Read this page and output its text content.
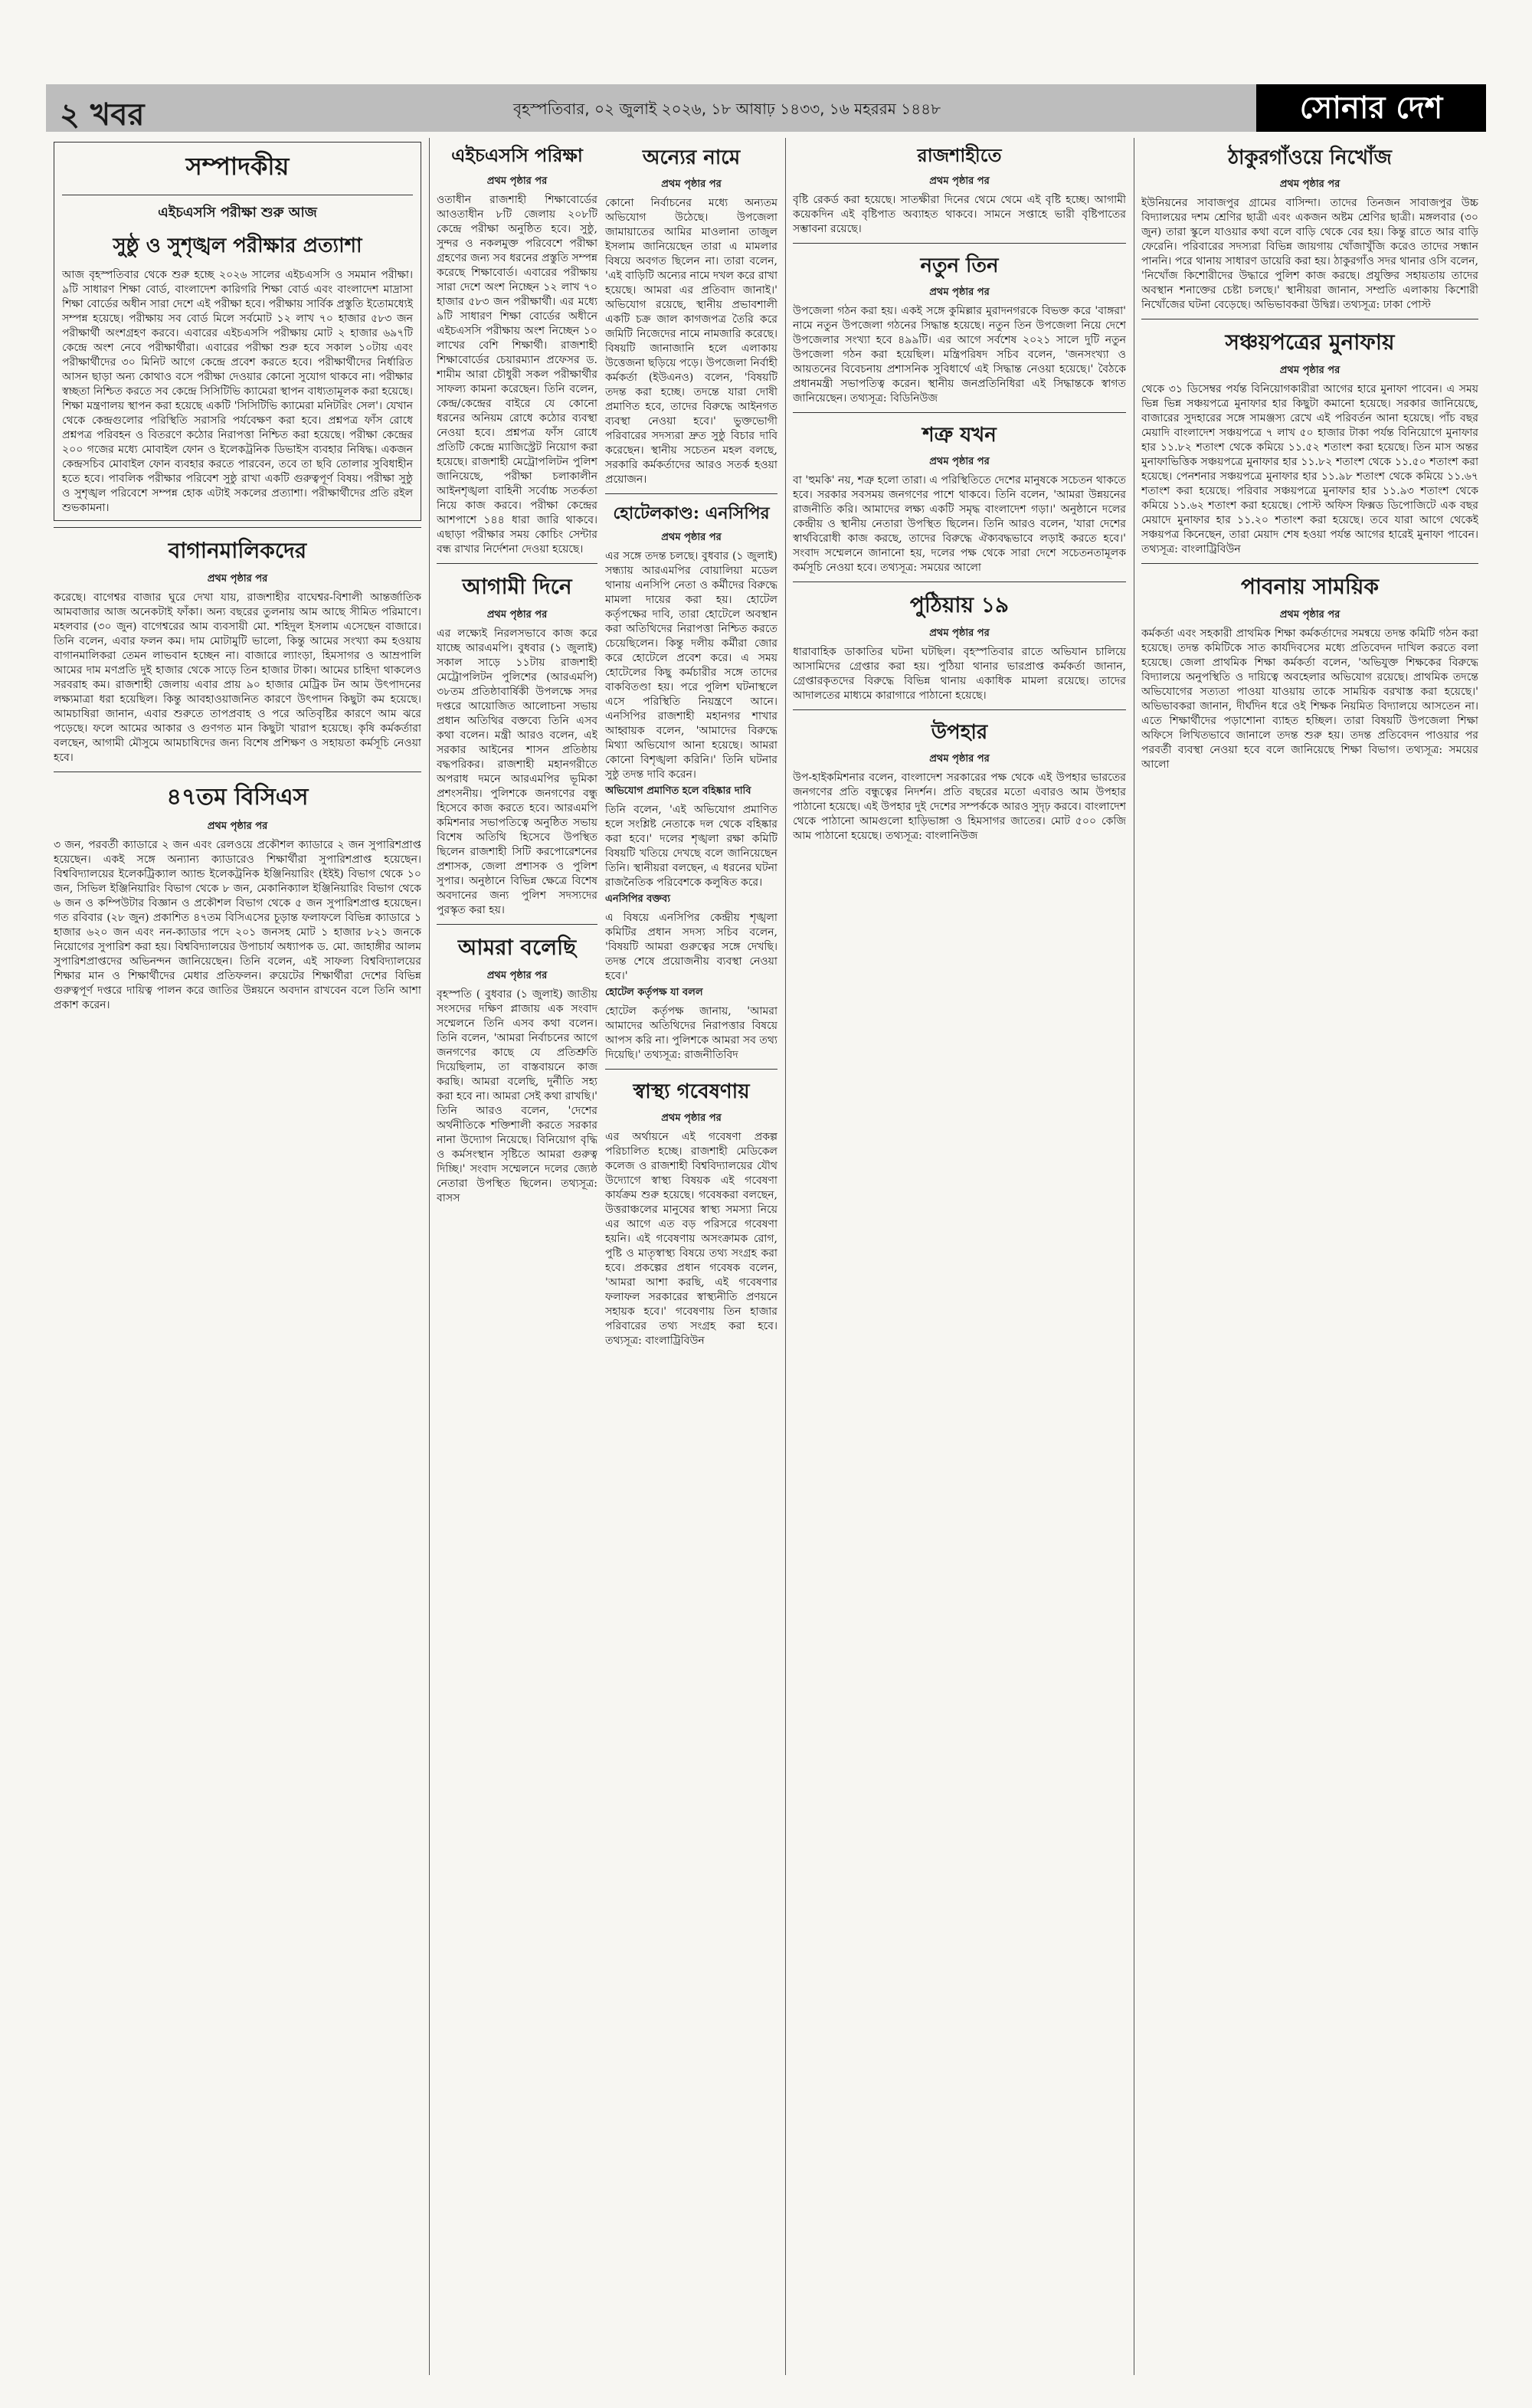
২ খবর	বৃহস্পতিবার, ০২ জুলাই ২০২৬, ১৮ আষাঢ় ১৪৩৩, ১৬ মহররম ১৪৪৮	সোনার দেশ
সম্পাদকীয়
এইচএসসি পরীক্ষা শুরু আজ
সুষ্ঠু ও সুশৃঙ্খল পরীক্ষার প্রত্যাশা
আজ বৃহস্পতিবার থেকে শুরু হচ্ছে ২০২৬ সালের এইচএসসি ও সমমান পরীক্ষা। ৯টি সাধারণ শিক্ষা বোর্ড, বাংলাদেশ কারিগরি শিক্ষা বোর্ড এবং বাংলাদেশ মাদ্রাসা শিক্ষা বোর্ডের অধীন সারা দেশে এই পরীক্ষা হবে। পরীক্ষায় সার্বিক প্রস্তুতি ইতোমধ্যেই সম্পন্ন হয়েছে। পরীক্ষায় সব বোর্ড মিলে সর্বমোট ১২ লাখ ৭০ হাজার ৫৮৩ জন পরীক্ষার্থী অংশগ্রহণ করবে। এবারের এইচএসসি পরীক্ষায় মোট ২ হাজার ৬৯৭টি কেন্দ্রে অংশ নেবে পরীক্ষার্থীরা। এবারের পরীক্ষা শুরু হবে সকাল ১০টায় এবং পরীক্ষার্থীদের ৩০ মিনিট আগে কেন্দ্রে প্রবেশ করতে হবে। পরীক্ষার্থীদের নির্ধারিত আসন ছাড়া অন্য কোথাও বসে পরীক্ষা দেওয়ার কোনো সুযোগ থাকবে না। পরীক্ষার স্বচ্ছতা নিশ্চিত করতে সব কেন্দ্রে সিসিটিভি ক্যামেরা স্থাপন বাধ্যতামূলক করা হয়েছে। শিক্ষা মন্ত্রণালয় স্থাপন করা হয়েছে একটি 'সিসিটিভি ক্যামেরা মনিটরিং সেল'। যেখান থেকে কেন্দ্রগুলোর পরিস্থিতি সরাসরি পর্যবেক্ষণ করা হবে। প্রশ্নপত্র ফাঁস রোধে প্রশ্নপত্র পরিবহন ও বিতরণে কঠোর নিরাপত্তা নিশ্চিত করা হয়েছে। পরীক্ষা কেন্দ্রের ২০০ গজের মধ্যে মোবাইল ফোন ও ইলেকট্রনিক ডিভাইস ব্যবহার নিষিদ্ধ। একজন কেন্দ্রসচিব মোবাইল ফোন ব্যবহার করতে পারবেন, তবে তা ছবি তোলার সুবিধাহীন হতে হবে। পাবলিক পরীক্ষার পরিবেশ সুষ্ঠু রাখা একটি গুরুত্বপূর্ণ বিষয়। পরীক্ষা সুষ্ঠু ও সুশৃঙ্খল পরিবেশে সম্পন্ন হোক এটাই সকলের প্রত্যাশা। পরীক্ষার্থীদের প্রতি রইল শুভকামনা।
বাগানমালিকদের
প্রথম পৃষ্ঠার পর
করেছে। বাগেশ্বর বাজার ঘুরে দেখা যায়, রাজশাহীর বাঘেশ্বর-বিশালী আন্তর্জাতিক আমবাজার আজ অনেকটাই ফাঁকা। অন্য বছরের তুলনায় আম আছে সীমিত পরিমাণে। মহলবার (৩০ জুন) বাগেশ্বরের আম ব্যবসায়ী মো. শহিদুল ইসলাম এসেছেন বাজারে। তিনি বলেন, এবার ফলন কম। দাম মোটামুটি ভালো, কিন্তু আমের সংখ্যা কম হওয়ায় বাগানমালিকরা তেমন লাভবান হচ্ছেন না। বাজারে ল্যাংড়া, হিমসাগর ও আম্রপালি আমের দাম মণপ্রতি দুই হাজার থেকে সাড়ে তিন হাজার টাকা। আমের চাহিদা থাকলেও সরবরাহ কম। রাজশাহী জেলায় এবার প্রায় ৯০ হাজার মেট্রিক টন আম উৎপাদনের লক্ষ্যমাত্রা ধরা হয়েছিল। কিন্তু আবহাওয়াজনিত কারণে উৎপাদন কিছুটা কম হয়েছে। আমচাষিরা জানান, এবার শুরুতে তাপপ্রবাহ ও পরে অতিবৃষ্টির কারণে আম ঝরে পড়েছে। ফলে আমের আকার ও গুণগত মান কিছুটা খারাপ হয়েছে। কৃষি কর্মকর্তারা বলছেন, আগামী মৌসুমে আমচাষিদের জন্য বিশেষ প্রশিক্ষণ ও সহায়তা কর্মসূচি নেওয়া হবে।
৪৭তম বিসিএস
প্রথম পৃষ্ঠার পর
৩ জন, পরবর্তী ক্যাডারে ২ জন এবং রেলওয়ে প্রকৌশল ক্যাডারে ২ জন সুপারিশপ্রাপ্ত হয়েছেন। একই সঙ্গে অন্যান্য ক্যাডারেও শিক্ষার্থীরা সুপারিশপ্রাপ্ত হয়েছেন। বিশ্ববিদ্যালয়ের ইলেকট্রিক্যাল অ্যান্ড ইলেকট্রনিক ইঞ্জিনিয়ারিং (ইইই) বিভাগ থেকে ১০ জন, সিভিল ইঞ্জিনিয়ারিং বিভাগ থেকে ৮ জন, মেকানিক্যাল ইঞ্জিনিয়ারিং বিভাগ থেকে ৬ জন ও কম্পিউটার বিজ্ঞান ও প্রকৌশল বিভাগ থেকে ৫ জন সুপারিশপ্রাপ্ত হয়েছেন। গত রবিবার (২৮ জুন) প্রকাশিত ৪৭তম বিসিএসের চূড়ান্ত ফলাফলে বিভিন্ন ক্যাডারে ১ হাজার ৬২০ জন এবং নন-ক্যাডার পদে ২০১ জনসহ মোট ১ হাজার ৮২১ জনকে নিয়োগের সুপারিশ করা হয়। বিশ্ববিদ্যালয়ের উপাচার্য অধ্যাপক ড. মো. জাহাঙ্গীর আলম সুপারিশপ্রাপ্তদের অভিনন্দন জানিয়েছেন। তিনি বলেন, এই সাফল্য বিশ্ববিদ্যালয়ের শিক্ষার মান ও শিক্ষার্থীদের মেধার প্রতিফলন। রুয়েটের শিক্ষার্থীরা দেশের বিভিন্ন গুরুত্বপূর্ণ দপ্তরে দায়িত্ব পালন করে জাতির উন্নয়নে অবদান রাখবেন বলে তিনি আশা প্রকাশ করেন।
এইচএসসি পরিক্ষা
প্রথম পৃষ্ঠার পর
ওতাধীন রাজশাহী শিক্ষাবোর্ডের আওতাধীন ৮টি জেলায় ২০৮টি কেন্দ্রে পরীক্ষা অনুষ্ঠিত হবে। সুষ্ঠু, সুন্দর ও নকলমুক্ত পরিবেশে পরীক্ষা গ্রহণের জন্য সব ধরনের প্রস্তুতি সম্পন্ন করেছে শিক্ষাবোর্ড। এবারের পরীক্ষায় সারা দেশে অংশ নিচ্ছেন ১২ লাখ ৭০ হাজার ৫৮৩ জন পরীক্ষার্থী। এর মধ্যে ৯টি সাধারণ শিক্ষা বোর্ডের অধীনে এইচএসসি পরীক্ষায় অংশ নিচ্ছেন ১০ লাখের বেশি শিক্ষার্থী। রাজশাহী শিক্ষাবোর্ডের চেয়ারম্যান প্রফেসর ড. শামীম আরা চৌধুরী সকল পরীক্ষার্থীর সাফল্য কামনা করেছেন। তিনি বলেন, কেন্দ্র/কেন্দ্রের বাইরে যে কোনো ধরনের অনিয়ম রোধে কঠোর ব্যবস্থা নেওয়া হবে। প্রশ্নপত্র ফাঁস রোধে প্রতিটি কেন্দ্রে ম্যাজিস্ট্রেট নিয়োগ করা হয়েছে। রাজশাহী মেট্রোপলিটন পুলিশ জানিয়েছে, পরীক্ষা চলাকালীন আইনশৃঙ্খলা বাহিনী সর্বোচ্চ সতর্কতা নিয়ে কাজ করবে। পরীক্ষা কেন্দ্রের আশপাশে ১৪৪ ধারা জারি থাকবে। এছাড়া পরীক্ষার সময় কোচিং সেন্টার বন্ধ রাখার নির্দেশনা দেওয়া হয়েছে।
আগামী দিনে
প্রথম পৃষ্ঠার পর
এর লক্ষ্যেই নিরলসভাবে কাজ করে যাচ্ছে আরএমপি। বুধবার (১ জুলাই) সকাল সাড়ে ১১টায় রাজশাহী মেট্রোপলিটন পুলিশের (আরএমপি) ৩৮তম প্রতিষ্ঠাবার্ষিকী উপলক্ষে সদর দপ্তরে আয়োজিত আলোচনা সভায় প্রধান অতিথির বক্তব্যে তিনি এসব কথা বলেন। মন্ত্রী আরও বলেন, এই সরকার আইনের শাসন প্রতিষ্ঠায় বদ্ধপরিকর। রাজশাহী মহানগরীতে অপরাধ দমনে আরএমপির ভূমিকা প্রশংসনীয়। পুলিশকে জনগণের বন্ধু হিসেবে কাজ করতে হবে। আরএমপি কমিশনার সভাপতিত্বে অনুষ্ঠিত সভায় বিশেষ অতিথি হিসেবে উপস্থিত ছিলেন রাজশাহী সিটি করপোরেশনের প্রশাসক, জেলা প্রশাসক ও পুলিশ সুপার। অনুষ্ঠানে বিভিন্ন ক্ষেত্রে বিশেষ অবদানের জন্য পুলিশ সদস্যদের পুরস্কৃত করা হয়।
আমরা বলেছি
প্রথম পৃষ্ঠার পর
বৃহস্পতি ( বুধবার (১ জুলাই) জাতীয় সংসদের দক্ষিণ প্লাজায় এক সংবাদ সম্মেলনে তিনি এসব কথা বলেন। তিনি বলেন, 'আমরা নির্বাচনের আগে জনগণের কাছে যে প্রতিশ্রুতি দিয়েছিলাম, তা বাস্তবায়নে কাজ করছি। আমরা বলেছি, দুর্নীতি সহ্য করা হবে না। আমরা সেই কথা রাখছি।' তিনি আরও বলেন, 'দেশের অর্থনীতিকে শক্তিশালী করতে সরকার নানা উদ্যোগ নিয়েছে। বিনিয়োগ বৃদ্ধি ও কর্মসংস্থান সৃষ্টিতে আমরা গুরুত্ব দিচ্ছি।' সংবাদ সম্মেলনে দলের জ্যেষ্ঠ নেতারা উপস্থিত ছিলেন। তথ্যসূত্র: বাসস
অন্যের নামে
প্রথম পৃষ্ঠার পর
কোনো নির্বাচনের মধ্যে অন্যতম অভিযোগ উঠেছে। উপজেলা জামায়াতের আমির মাওলানা তাজুল ইসলাম জানিয়েছেন তারা এ মামলার বিষয়ে অবগত ছিলেন না। তারা বলেন, 'এই বাড়িটি অন্যের নামে দখল করে রাখা হয়েছে। আমরা এর প্রতিবাদ জানাই।' অভিযোগ রয়েছে, স্থানীয় প্রভাবশালী একটি চক্র জাল কাগজপত্র তৈরি করে জমিটি নিজেদের নামে নামজারি করেছে। বিষয়টি জানাজানি হলে এলাকায় উত্তেজনা ছড়িয়ে পড়ে। উপজেলা নির্বাহী কর্মকর্তা (ইউএনও) বলেন, 'বিষয়টি তদন্ত করা হচ্ছে। তদন্তে যারা দোষী প্রমাণিত হবে, তাদের বিরুদ্ধে আইনগত ব্যবস্থা নেওয়া হবে।' ভুক্তভোগী পরিবারের সদস্যরা দ্রুত সুষ্ঠু বিচার দাবি করেছেন। স্থানীয় সচেতন মহল বলছে, সরকারি কর্মকর্তাদের আরও সতর্ক হওয়া প্রয়োজন।
হোটেলকাণ্ড: এনসিপির
প্রথম পৃষ্ঠার পর
এর সঙ্গে তদন্ত চলছে। বুধবার (১ জুলাই) সন্ধ্যায় আরএমপির বোয়ালিয়া মডেল থানায় এনসিপি নেতা ও কর্মীদের বিরুদ্ধে মামলা দায়ের করা হয়। হোটেল কর্তৃপক্ষের দাবি, তারা হোটেলে অবস্থান করা অতিথিদের নিরাপত্তা নিশ্চিত করতে চেয়েছিলেন। কিন্তু দলীয় কর্মীরা জোর করে হোটেলে প্রবেশ করে। এ সময় হোটেলের কিছু কর্মচারীর সঙ্গে তাদের বাকবিতণ্ডা হয়। পরে পুলিশ ঘটনাস্থলে এসে পরিস্থিতি নিয়ন্ত্রণে আনে। এনসিপির রাজশাহী মহানগর শাখার আহ্বায়ক বলেন, 'আমাদের বিরুদ্ধে মিথ্যা অভিযোগ আনা হয়েছে। আমরা কোনো বিশৃঙ্খলা করিনি।' তিনি ঘটনার সুষ্ঠু তদন্ত দাবি করেন।
অভিযোগ প্রমাণিত হলে বহিষ্কার দাবি
তিনি বলেন, 'এই অভিযোগ প্রমাণিত হলে সংশ্লিষ্ট নেতাকে দল থেকে বহিষ্কার করা হবে।' দলের শৃঙ্খলা রক্ষা কমিটি বিষয়টি খতিয়ে দেখছে বলে জানিয়েছেন তিনি। স্থানীয়রা বলছেন, এ ধরনের ঘটনা রাজনৈতিক পরিবেশকে কলুষিত করে।
এনসিপির বক্তব্য
এ বিষয়ে এনসিপির কেন্দ্রীয় শৃঙ্খলা কমিটির প্রধান সদস্য সচিব বলেন, 'বিষয়টি আমরা গুরুত্বের সঙ্গে দেখছি। তদন্ত শেষে প্রয়োজনীয় ব্যবস্থা নেওয়া হবে।'
হোটেল কর্তৃপক্ষ যা বলল
হোটেল কর্তৃপক্ষ জানায়, 'আমরা আমাদের অতিথিদের নিরাপত্তার বিষয়ে আপস করি না। পুলিশকে আমরা সব তথ্য দিয়েছি।' তথ্যসূত্র: রাজনীতিবিদ
স্বাস্থ্য গবেষণায়
প্রথম পৃষ্ঠার পর
এর অর্থায়নে এই গবেষণা প্রকল্প পরিচালিত হচ্ছে। রাজশাহী মেডিকেল কলেজ ও রাজশাহী বিশ্ববিদ্যালয়ের যৌথ উদ্যোগে স্বাস্থ্য বিষয়ক এই গবেষণা কার্যক্রম শুরু হয়েছে। গবেষকরা বলছেন, উত্তরাঞ্চলের মানুষের স্বাস্থ্য সমস্যা নিয়ে এর আগে এত বড় পরিসরে গবেষণা হয়নি। এই গবেষণায় অসংক্রামক রোগ, পুষ্টি ও মাতৃস্বাস্থ্য বিষয়ে তথ্য সংগ্রহ করা হবে। প্রকল্পের প্রধান গবেষক বলেন, 'আমরা আশা করছি, এই গবেষণার ফলাফল সরকারের স্বাস্থ্যনীতি প্রণয়নে সহায়ক হবে।' গবেষণায় তিন হাজার পরিবারের তথ্য সংগ্রহ করা হবে। তথ্যসূত্র: বাংলাট্রিবিউন
রাজশাহীতে
প্রথম পৃষ্ঠার পর
বৃষ্টি রেকর্ড করা হয়েছে। সাতক্ষীরা দিনের থেমে থেমে এই বৃষ্টি হচ্ছে। আগামী কয়েকদিন এই বৃষ্টিপাত অব্যাহত থাকবে। সামনে সপ্তাহে ভারী বৃষ্টিপাতের সম্ভাবনা রয়েছে।
নতুন তিন
প্রথম পৃষ্ঠার পর
উপজেলা গঠন করা হয়। একই সঙ্গে কুমিল্লার মুরাদনগরকে বিভক্ত করে 'বাঙ্গরা' নামে নতুন উপজেলা গঠনের সিদ্ধান্ত হয়েছে। নতুন তিন উপজেলা নিয়ে দেশে উপজেলার সংখ্যা হবে ৪৯৯টি। এর আগে সর্বশেষ ২০২১ সালে দুটি নতুন উপজেলা গঠন করা হয়েছিল। মন্ত্রিপরিষদ সচিব বলেন, 'জনসংখ্যা ও আয়তনের বিবেচনায় প্রশাসনিক সুবিধার্থে এই সিদ্ধান্ত নেওয়া হয়েছে।' বৈঠকে প্রধানমন্ত্রী সভাপতিত্ব করেন। স্থানীয় জনপ্রতিনিধিরা এই সিদ্ধান্তকে স্বাগত জানিয়েছেন। তথ্যসূত্র: বিডিনিউজ
শত্রু যখন
প্রথম পৃষ্ঠার পর
বা 'হুমকি' নয়, শত্রু হলো তারা। এ পরিস্থিতিতে দেশের মানুষকে সচেতন থাকতে হবে। সরকার সবসময় জনগণের পাশে থাকবে। তিনি বলেন, 'আমরা উন্নয়নের রাজনীতি করি। আমাদের লক্ষ্য একটি সমৃদ্ধ বাংলাদেশ গড়া।' অনুষ্ঠানে দলের কেন্দ্রীয় ও স্থানীয় নেতারা উপস্থিত ছিলেন। তিনি আরও বলেন, 'যারা দেশের স্বার্থবিরোধী কাজ করছে, তাদের বিরুদ্ধে ঐক্যবদ্ধভাবে লড়াই করতে হবে।' সংবাদ সম্মেলনে জানানো হয়, দলের পক্ষ থেকে সারা দেশে সচেতনতামূলক কর্মসূচি নেওয়া হবে। তথ্যসূত্র: সময়ের আলো
পুঠিয়ায় ১৯
প্রথম পৃষ্ঠার পর
ধারাবাহিক ডাকাতির ঘটনা ঘটছিল। বৃহস্পতিবার রাতে অভিযান চালিয়ে আসামিদের গ্রেপ্তার করা হয়। পুঠিয়া থানার ভারপ্রাপ্ত কর্মকর্তা জানান, গ্রেপ্তারকৃতদের বিরুদ্ধে বিভিন্ন থানায় একাধিক মামলা রয়েছে। তাদের আদালতের মাধ্যমে কারাগারে পাঠানো হয়েছে।
উপহার
প্রথম পৃষ্ঠার পর
উপ-হাইকমিশনার বলেন, বাংলাদেশ সরকারের পক্ষ থেকে এই উপহার ভারতের জনগণের প্রতি বন্ধুত্বের নিদর্শন। প্রতি বছরের মতো এবারও আম উপহার পাঠানো হয়েছে। এই উপহার দুই দেশের সম্পর্ককে আরও সুদৃঢ় করবে। বাংলাদেশ থেকে পাঠানো আমগুলো হাড়িভাঙ্গা ও হিমসাগর জাতের। মোট ৫০০ কেজি আম পাঠানো হয়েছে। তথ্যসূত্র: বাংলানিউজ
ঠাকুরগাঁওয়ে নিখোঁজ
প্রথম পৃষ্ঠার পর
ইউনিয়নের সাবাজপুর গ্রামের বাসিন্দা। তাদের তিনজন সাবাজপুর উচ্চ বিদ্যালয়ের দশম শ্রেণির ছাত্রী এবং একজন অষ্টম শ্রেণির ছাত্রী। মঙ্গলবার (৩০ জুন) তারা স্কুলে যাওয়ার কথা বলে বাড়ি থেকে বের হয়। কিন্তু রাতে আর বাড়ি ফেরেনি। পরিবারের সদস্যরা বিভিন্ন জায়গায় খোঁজাখুঁজি করেও তাদের সন্ধান পাননি। পরে থানায় সাধারণ ডায়েরি করা হয়। ঠাকুরগাঁও সদর থানার ওসি বলেন, 'নিখোঁজ কিশোরীদের উদ্ধারে পুলিশ কাজ করছে। প্রযুক্তির সহায়তায় তাদের অবস্থান শনাক্তের চেষ্টা চলছে।' স্থানীয়রা জানান, সম্প্রতি এলাকায় কিশোরী নিখোঁজের ঘটনা বেড়েছে। অভিভাবকরা উদ্বিগ্ন। তথ্যসূত্র: ঢাকা পোস্ট
সঞ্চয়পত্রের মুনাফায়
প্রথম পৃষ্ঠার পর
থেকে ৩১ ডিসেম্বর পর্যন্ত বিনিয়োগকারীরা আগের হারে মুনাফা পাবেন। এ সময় ভিন্ন ভিন্ন সঞ্চয়পত্রে মুনাফার হার কিছুটা কমানো হয়েছে। সরকার জানিয়েছে, বাজারের সুদহারের সঙ্গে সামঞ্জস্য রেখে এই পরিবর্তন আনা হয়েছে। পাঁচ বছর মেয়াদি বাংলাদেশ সঞ্চয়পত্রে ৭ লাখ ৫০ হাজার টাকা পর্যন্ত বিনিয়োগে মুনাফার হার ১১.৮২ শতাংশ থেকে কমিয়ে ১১.৫২ শতাংশ করা হয়েছে। তিন মাস অন্তর মুনাফাভিত্তিক সঞ্চয়পত্রে মুনাফার হার ১১.৮২ শতাংশ থেকে ১১.৫০ শতাংশ করা হয়েছে। পেনশনার সঞ্চয়পত্রে মুনাফার হার ১১.৯৮ শতাংশ থেকে কমিয়ে ১১.৬৭ শতাংশ করা হয়েছে। পরিবার সঞ্চয়পত্রে মুনাফার হার ১১.৯৩ শতাংশ থেকে কমিয়ে ১১.৬২ শতাংশ করা হয়েছে। পোস্ট অফিস ফিক্সড ডিপোজিটে এক বছর মেয়াদে মুনাফার হার ১১.২০ শতাংশ করা হয়েছে। তবে যারা আগে থেকেই সঞ্চয়পত্র কিনেছেন, তারা মেয়াদ শেষ হওয়া পর্যন্ত আগের হারেই মুনাফা পাবেন। তথ্যসূত্র: বাংলাট্রিবিউন
পাবনায় সাময়িক
প্রথম পৃষ্ঠার পর
কর্মকর্তা এবং সহকারী প্রাথমিক শিক্ষা কর্মকর্তাদের সমন্বয়ে তদন্ত কমিটি গঠন করা হয়েছে। তদন্ত কমিটিকে সাত কার্যদিবসের মধ্যে প্রতিবেদন দাখিল করতে বলা হয়েছে। জেলা প্রাথমিক শিক্ষা কর্মকর্তা বলেন, 'অভিযুক্ত শিক্ষকের বিরুদ্ধে বিদ্যালয়ে অনুপস্থিতি ও দায়িত্বে অবহেলার অভিযোগ রয়েছে। প্রাথমিক তদন্তে অভিযোগের সত্যতা পাওয়া যাওয়ায় তাকে সাময়িক বরখাস্ত করা হয়েছে।' অভিভাবকরা জানান, দীর্ঘদিন ধরে ওই শিক্ষক নিয়মিত বিদ্যালয়ে আসতেন না। এতে শিক্ষার্থীদের পড়াশোনা ব্যাহত হচ্ছিল। তারা বিষয়টি উপজেলা শিক্ষা অফিসে লিখিতভাবে জানালে তদন্ত শুরু হয়। তদন্ত প্রতিবেদন পাওয়ার পর পরবর্তী ব্যবস্থা নেওয়া হবে বলে জানিয়েছে শিক্ষা বিভাগ। তথ্যসূত্র: সময়ের আলো
